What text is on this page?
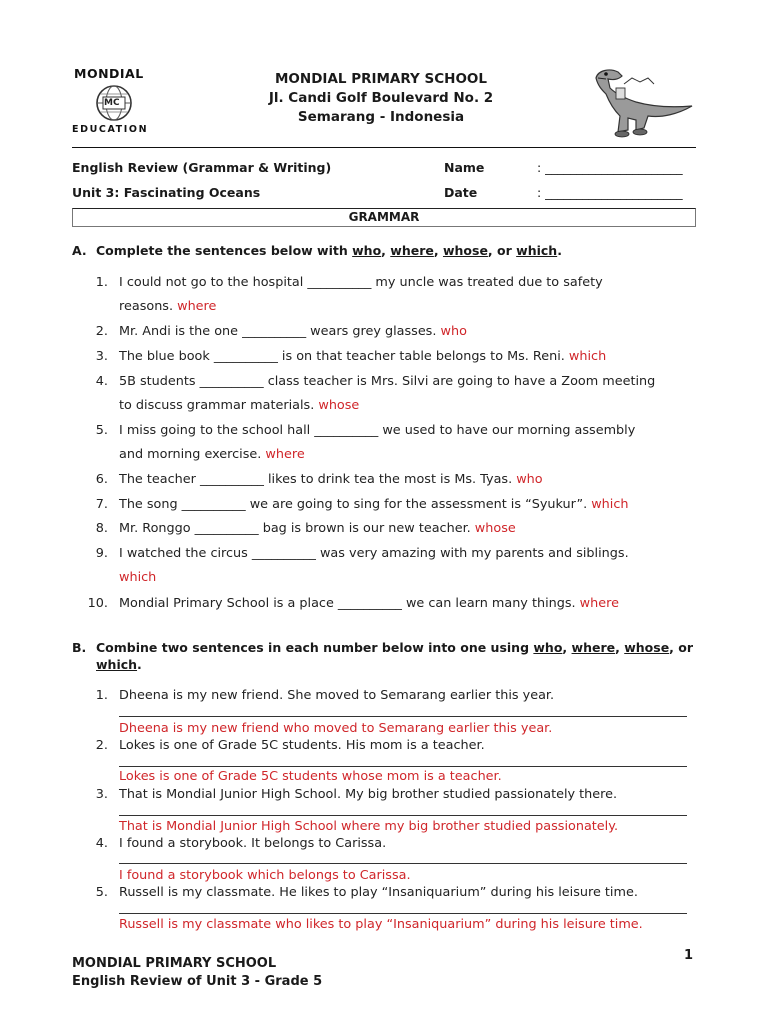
MONDIAL
MC
EDUCATION
MONDIAL PRIMARY SCHOOL
Jl. Candi Golf Boulevard No. 2
Semarang - Indonesia
English Review (Grammar & Writing)	Name	: ______________________
Unit 3: Fascinating Oceans	Date	: ______________________
GRAMMAR
A. Complete the sentences below with who, where, whose, or which.
1. I could not go to the hospital __________ my uncle was treated due to safety
reasons. where
2. Mr. Andi is the one __________ wears grey glasses. who
3. The blue book __________ is on that teacher table belongs to Ms. Reni. which
4. 5B students __________ class teacher is Mrs. Silvi are going to have a Zoom meeting
to discuss grammar materials. whose
5. I miss going to the school hall __________ we used to have our morning assembly
and morning exercise. where
6. The teacher __________ likes to drink tea the most is Ms. Tyas. who
7. The song __________ we are going to sing for the assessment is “Syukur”. which
8. Mr. Ronggo __________ bag is brown is our new teacher. whose
9. I watched the circus __________ was very amazing with my parents and siblings.
which
10. Mondial Primary School is a place __________ we can learn many things. where
B. Combine two sentences in each number below into one using who, where, whose, or
which.
1. Dheena is my new friend. She moved to Semarang earlier this year.
Dheena is my new friend who moved to Semarang earlier this year.
2. Lokes is one of Grade 5C students. His mom is a teacher.
Lokes is one of Grade 5C students whose mom is a teacher.
3. That is Mondial Junior High School. My big brother studied passionately there.
That is Mondial Junior High School where my big brother studied passionately.
4. I found a storybook. It belongs to Carissa.
I found a storybook which belongs to Carissa.
5. Russell is my classmate. He likes to play “Insaniquarium” during his leisure time.
Russell is my classmate who likes to play “Insaniquarium” during his leisure time.
MONDIAL PRIMARY SCHOOL
English Review of Unit 3 - Grade 5
1
